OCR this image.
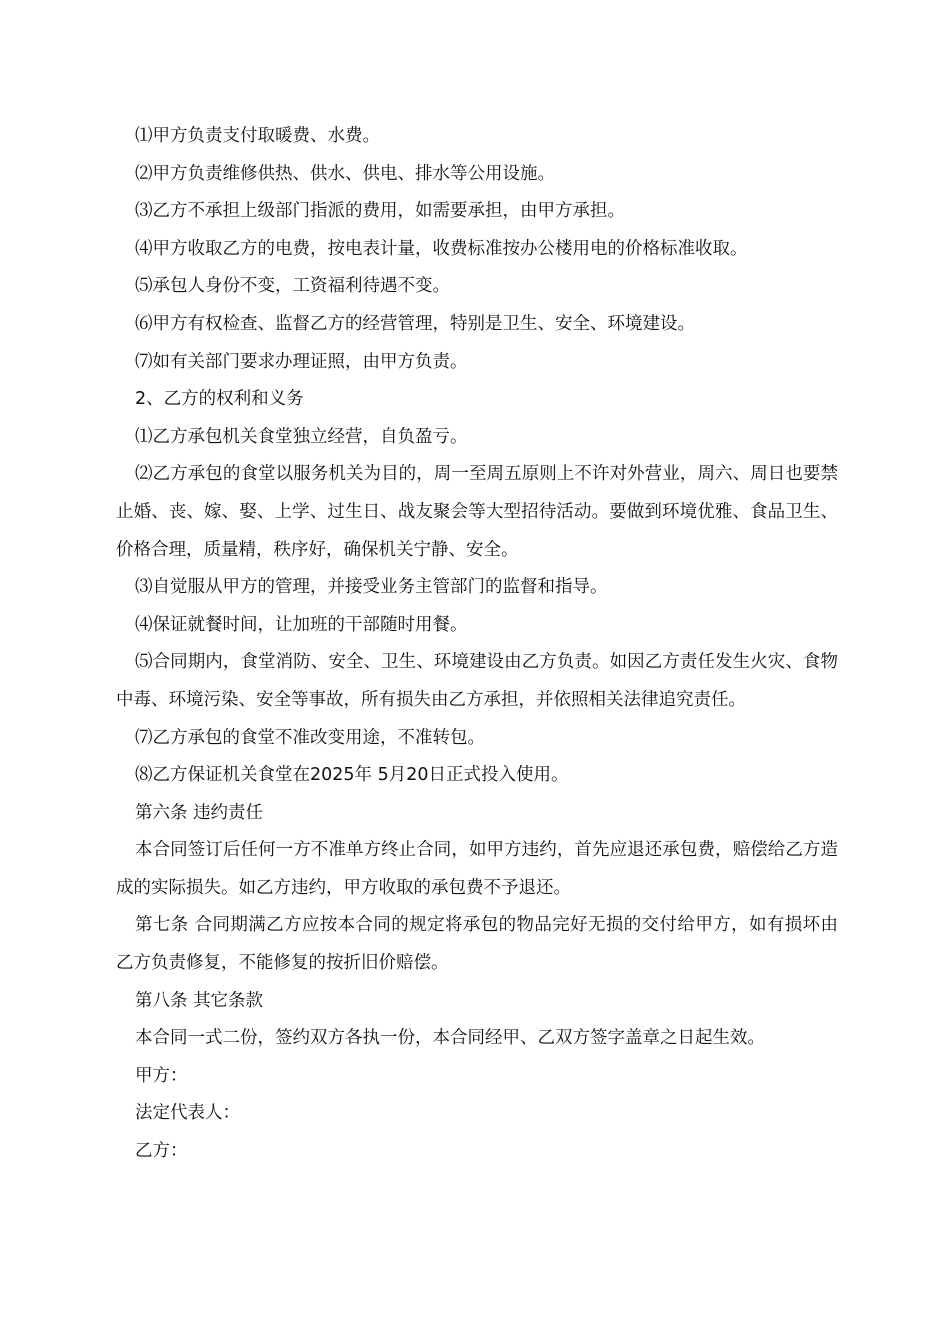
⑴甲方负责支付取暖费、水费。

⑵甲方负责维修供热、供水、供电、排水等公用设施。

⑶乙方不承担上级部门指派的费用，如需要承担，由甲方承担。

⑷甲方收取乙方的电费，按电表计量，收费标准按办公楼用电的价格标准收取。

⑸承包人身份不变，工资福利待遇不变。

⑹甲方有权检查、监督乙方的经营管理，特别是卫生、安全、环境建设。

⑺如有关部门要求办理证照，由甲方负责。

2、乙方的权利和义务

⑴乙方承包机关食堂独立经营，自负盈亏。

⑵乙方承包的食堂以服务机关为目的，周一至周五原则上不许对外营业，周六、周日也要禁止婚、丧、嫁、娶、上学、过生日、战友聚会等大型招待活动。要做到环境优雅、食品卫生、价格合理，质量精，秩序好，确保机关宁静、安全。

⑶自觉服从甲方的管理，并接受业务主管部门的监督和指导。

⑷保证就餐时间，让加班的干部随时用餐。

⑸合同期内，食堂消防、安全、卫生、环境建设由乙方负责。如因乙方责任发生火灾、食物中毒、环境污染、安全等事故，所有损失由乙方承担，并依照相关法律追究责任。

⑺乙方承包的食堂不准改变用途，不准转包。

⑻乙方保证机关食堂在2025年 5月20日正式投入使用。

第六条 违约责任

本合同签订后任何一方不准单方终止合同，如甲方违约，首先应退还承包费，赔偿给乙方造成的实际损失。如乙方违约，甲方收取的承包费不予退还。

第七条 合同期满乙方应按本合同的规定将承包的物品完好无损的交付给甲方，如有损坏由乙方负责修复，不能修复的按折旧价赔偿。

第八条 其它条款

本合同一式二份，签约双方各执一份，本合同经甲、乙双方签字盖章之日起生效。

甲方：

法定代表人：

乙方：
